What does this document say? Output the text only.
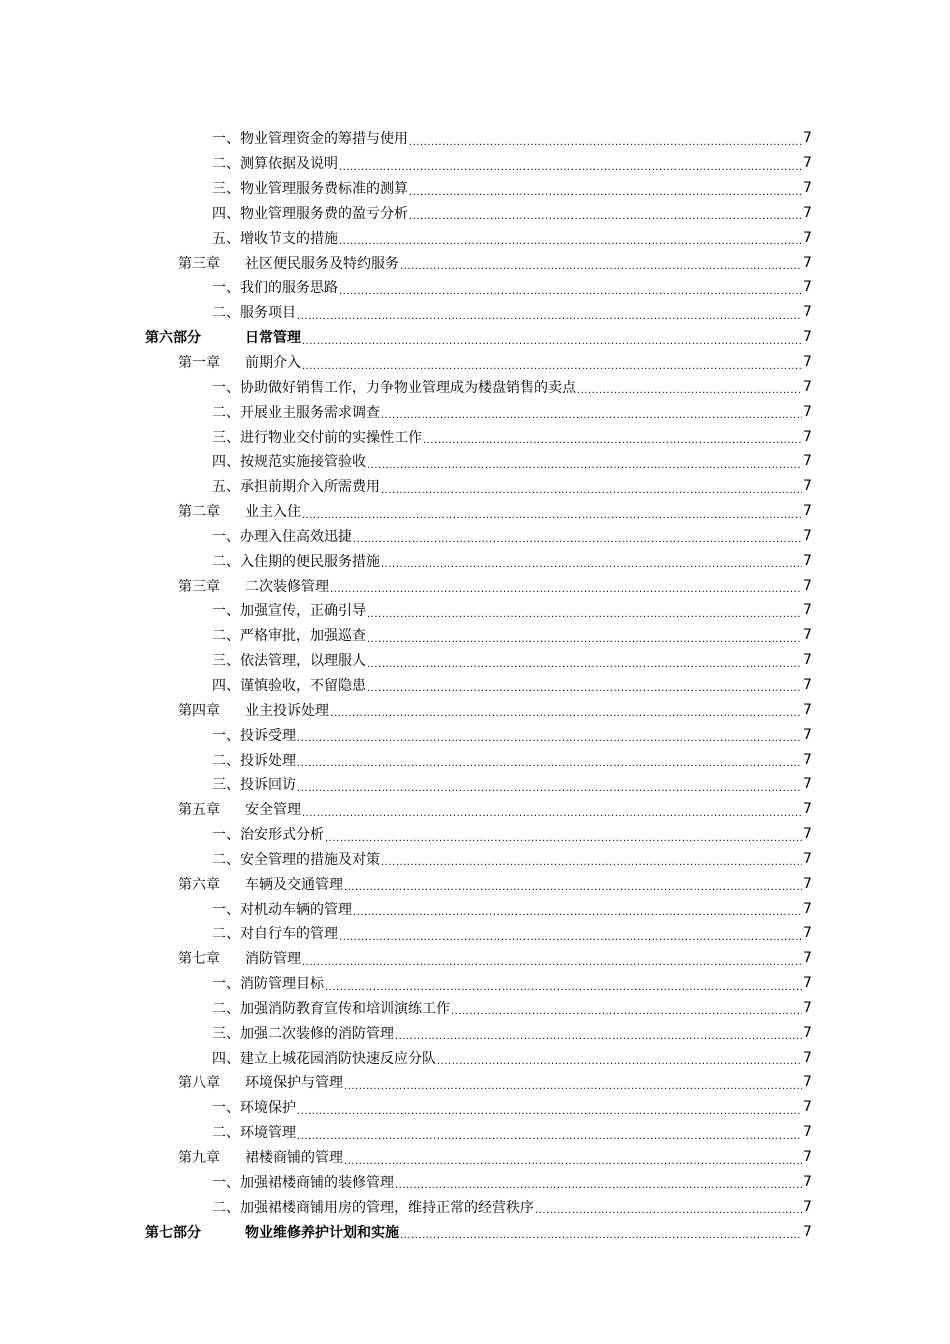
一、 物业管理资金的筹措与使用 .....	7
二、 测算依据及说明 .....	7
三、 物业管理服务费标准的测算 .....	7
四、 物业管理服务费的盈亏分析 .....	7
五、 增收节支的措施 .....	7
第三章	社区便民服务及特约服务 .....	7
一、 我们的服务思路 .....	7
二、 服务项目 .....	7
第六部分	日常管理 .....	7
第一章	前期介入 .....	7
一、 协助做好销售工作，力争物业管理成为楼盘销售的卖点 .....	7
二、 开展业主服务需求调查 .....	7
三、 进行物业交付前的实操性工作 .....	7
四、 按规范实施接管验收 .....	7
五、 承担前期介入所需费用 .....	7
第二章	业主入住 .....	7
一、 办理入住高效迅捷 .....	7
二、 入住期的便民服务措施 .....	7
第三章	二次装修管理 .....	7
一、 加强宣传，正确引导 .....	7
二、 严格审批，加强巡查 .....	7
三、 依法管理，以理服人 .....	7
四、 谨慎验收，不留隐患 .....	7
第四章	业主投诉处理 .....	7
一、 投诉受理 .....	7
二、 投诉处理 .....	7
三、 投诉回访 .....	7
第五章	安全管理 .....	7
一、 治安形式分析 .....	7
二、 安全管理的措施及对策 .....	7
第六章	车辆及交通管理 .....	7
一、 对机动车辆的管理 .....	7
二、 对自行车的管理 .....	7
第七章	消防管理 .....	7
一、 消防管理目标 .....	7
二、 加强消防教育宣传和培训演练工作 .....	7
三、 加强二次装修的消防管理 .....	7
四、 建立上城花园消防快速反应分队 .....	7
第八章	环境保护与管理 .....	7
一、 环境保护 .....	7
二、 环境管理 .....	7
第九章	裙楼商铺的管理 .....	7
一、 加强裙楼商铺的装修管理 .....	7
二、 加强裙楼商铺用房的管理，维持正常的经营秩序 .....	7
第七部分	物业维修养护计划和实施 .....	7
